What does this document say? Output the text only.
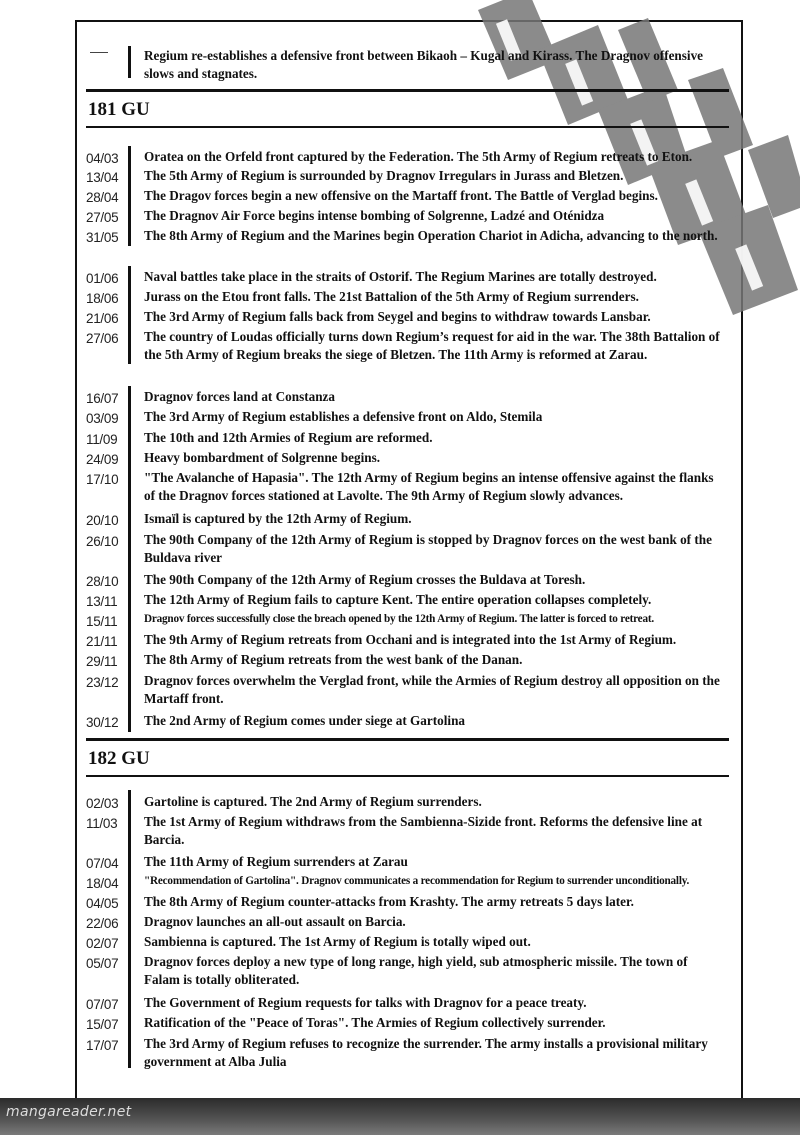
Regium re-establishes a defensive front between Bikaoh – Kugal and Kirass. The Dragnov offensive slows and stagnates.
181 GU
04/03	Oratea on the Orfeld front captured by the Federation. The 5th Army of Regium retreats to Eton.
13/04	The 5th Army of Regium is surrounded by Dragnov Irregulars in Jurass and Bletzen.
28/04	The Dragov forces begin a new offensive on the Martaff front. The Battle of Verglad begins.
27/05	The Dragnov Air Force begins intense bombing of Solgrenne, Ladzé and Oténidza
31/05	The 8th Army of Regium and the Marines begin Operation Chariot in Adicha, advancing to the north.
01/06	Naval battles take place in the straits of Ostorif. The Regium Marines are totally destroyed.
18/06	Jurass on the Etou front falls. The 21st Battalion of the 5th Army of Regium surrenders.
21/06	The 3rd Army of Regium falls back from Seygel and begins to withdraw towards Lansbar.
27/06	The country of Loudas officially turns down Regium’s request for aid in the war. The 38th Battalion of the 5th Army of Regium breaks the siege of Bletzen. The 11th Army is reformed at Zarau.
16/07	Dragnov forces land at Constanza
03/09	The 3rd Army of Regium establishes a defensive front on Aldo, Stemila
11/09	The 10th and 12th Armies of Regium are reformed.
24/09	Heavy bombardment of Solgrenne begins.
17/10	"The Avalanche of Hapasia". The 12th Army of Regium begins an intense offensive against the flanks of the Dragnov forces stationed at Lavolte. The 9th Army of Regium slowly advances.
20/10	Ismaïl is captured by the 12th Army of Regium.
26/10	The 90th Company of the 12th Army of Regium is stopped by Dragnov forces on the west bank of the Buldava river
28/10	The 90th Company of the 12th Army of Regium crosses the Buldava at Toresh.
13/11	The 12th Army of Regium fails to capture Kent. The entire operation collapses completely.
15/11	Dragnov forces successfully close the breach opened by the 12th Army of Regium. The latter is forced to retreat.
21/11	The 9th Army of Regium retreats from Occhani and is integrated into the 1st Army of Regium.
29/11	The 8th Army of Regium retreats from the west bank of the Danan.
23/12	Dragnov forces overwhelm the Verglad front, while the Armies of Regium destroy all opposition on the Martaff front.
30/12	The 2nd Army of Regium comes under siege at Gartolina
182 GU
02/03	Gartoline is captured. The 2nd Army of Regium surrenders.
11/03	The 1st Army of Regium withdraws from the Sambienna-Sizide front. Reforms the defensive line at Barcia.
07/04	The 11th Army of Regium surrenders at Zarau
18/04	"Recommendation of Gartolina". Dragnov communicates a recommendation for Regium to surrender unconditionally.
04/05	The 8th Army of Regium counter-attacks from Krashty. The army retreats 5 days later.
22/06	Dragnov launches an all-out assault on Barcia.
02/07	Sambienna is captured. The 1st Army of Regium is totally wiped out.
05/07	Dragnov forces deploy a new type of long range, high yield, sub atmospheric missile. The town of Falam is totally obliterated.
07/07	The Government of Regium requests for talks with Dragnov for a peace treaty.
15/07	Ratification of the "Peace of Toras". The Armies of Regium collectively surrender.
17/07	The 3rd Army of Regium refuses to recognize the surrender. The army installs a provisional military government at Alba Julia
mangareader.net
